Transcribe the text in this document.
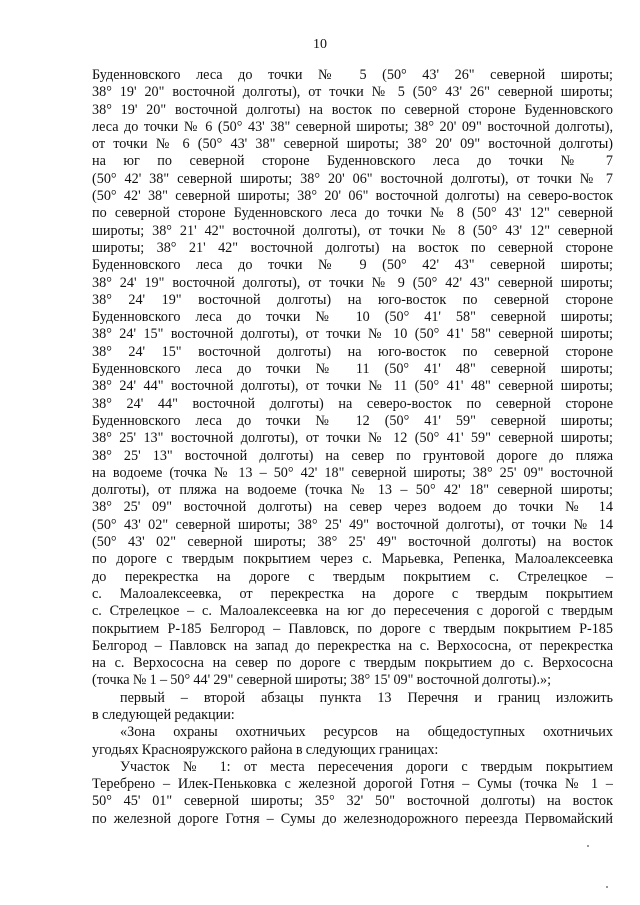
10
Буденновского леса до точки № 5 (50° 43' 26" северной широты;
38° 19' 20" восточной долготы), от точки № 5 (50° 43' 26" северной широты;
38° 19' 20" восточной долготы) на восток по северной стороне Буденновского
леса до точки № 6 (50° 43' 38" северной широты; 38° 20' 09" восточной долготы),
от точки № 6 (50° 43' 38" северной широты; 38° 20' 09" восточной долготы)
на юг по северной стороне Буденновского леса до точки № 7
(50° 42' 38" северной широты; 38° 20' 06" восточной долготы), от точки № 7
(50° 42' 38" северной широты; 38° 20' 06" восточной долготы) на северо-восток
по северной стороне Буденновского леса до точки № 8 (50° 43' 12" северной
широты; 38° 21' 42" восточной долготы), от точки № 8 (50° 43' 12" северной
широты; 38° 21' 42" восточной долготы) на восток по северной стороне
Буденновского леса до точки № 9 (50° 42' 43" северной широты;
38° 24' 19" восточной долготы), от точки № 9 (50° 42' 43" северной широты;
38° 24' 19" восточной долготы) на юго-восток по северной стороне
Буденновского леса до точки № 10 (50° 41' 58" северной широты;
38° 24' 15" восточной долготы), от точки № 10 (50° 41' 58" северной широты;
38° 24' 15" восточной долготы) на юго-восток по северной стороне
Буденновского леса до точки № 11 (50° 41' 48" северной широты;
38° 24' 44" восточной долготы), от точки № 11 (50° 41' 48" северной широты;
38° 24' 44" восточной долготы) на северо-восток по северной стороне
Буденновского леса до точки № 12 (50° 41' 59" северной широты;
38° 25' 13" восточной долготы), от точки № 12 (50° 41' 59" северной широты;
38° 25' 13" восточной долготы) на север по грунтовой дороге до пляжа
на водоеме (точка № 13 – 50° 42' 18" северной широты; 38° 25' 09" восточной
долготы), от пляжа на водоеме (точка № 13 – 50° 42' 18" северной широты;
38° 25' 09" восточной долготы) на север через водоем до точки № 14
(50° 43' 02" северной широты; 38° 25' 49" восточной долготы), от точки № 14
(50° 43' 02" северной широты; 38° 25' 49" восточной долготы) на восток
по дороге с твердым покрытием через с. Марьевка, Репенка, Малоалексеевка
до перекрестка на дороге с твердым покрытием с. Стрелецкое –
с. Малоалексеевка, от перекрестка на дороге с твердым покрытием
с. Стрелецкое – с. Малоалексеевка на юг до пересечения с дорогой с твердым
покрытием Р-185 Белгород – Павловск, по дороге с твердым покрытием Р-185
Белгород – Павловск на запад до перекрестка на с. Верхососна, от перекрестка
на с. Верхососна на север по дороге с твердым покрытием до с. Верхососна
(точка № 1 – 50° 44' 29" северной широты; 38° 15' 09" восточной долготы).»;
первый – второй абзацы пункта 13 Перечня и границ изложить
в следующей редакции:
«Зона охраны охотничьих ресурсов на общедоступных охотничьих
угодьях Краснояружского района в следующих границах:
Участок № 1: от места пересечения дороги с твердым покрытием
Теребрено – Илек-Пеньковка с железной дорогой Готня – Сумы (точка № 1 –
50° 45' 01" северной широты; 35° 32' 50" восточной долготы) на восток
по железной дороге Готня – Сумы до железнодорожного переезда Первомайский
